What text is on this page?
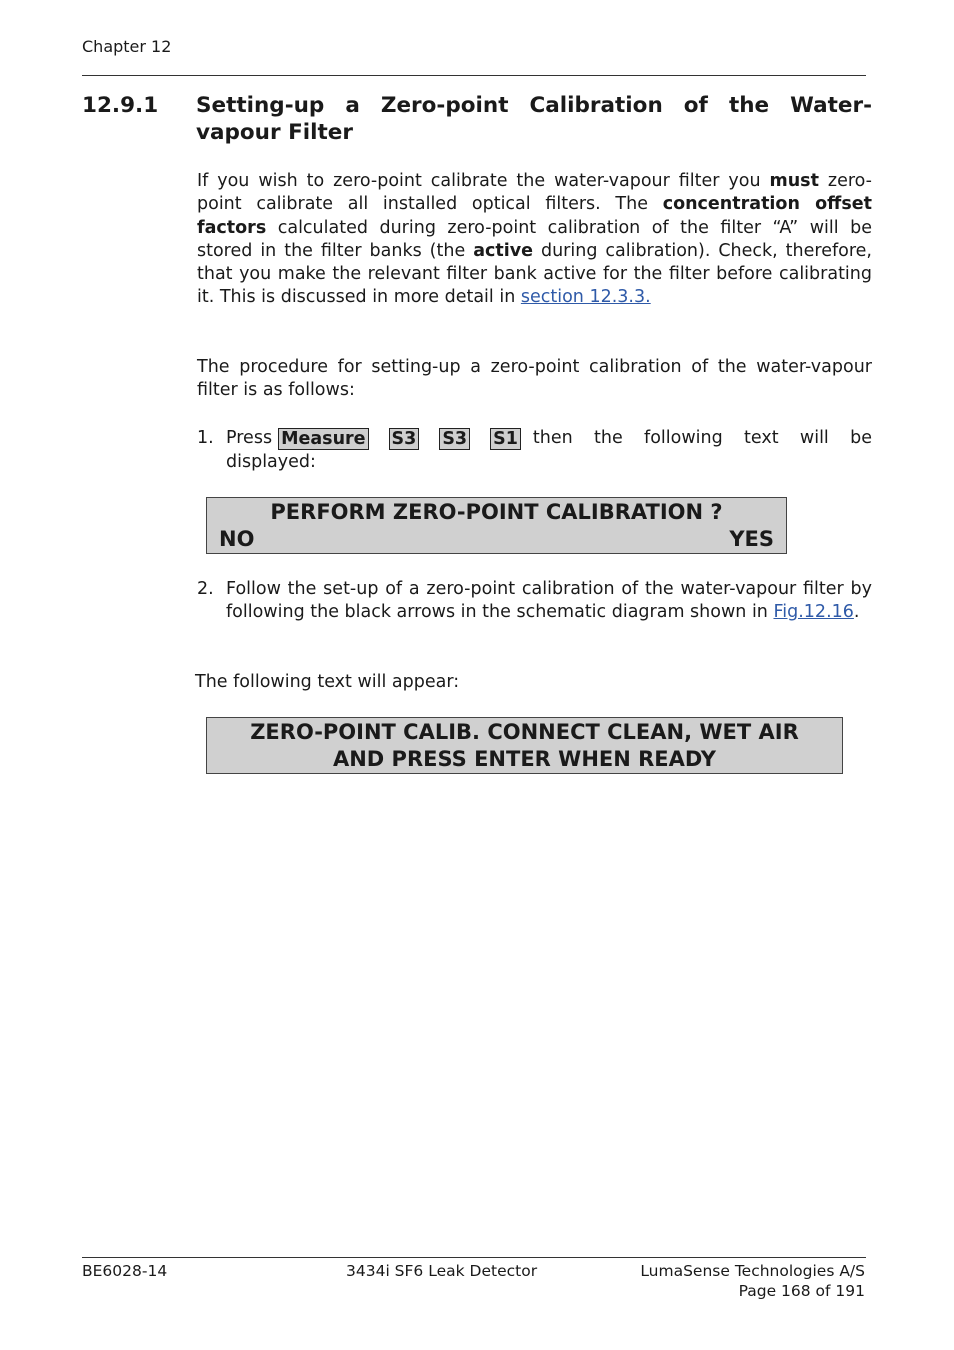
Chapter 12
12.9.1 Setting-up a Zero-point Calibration of the Water-vapour Filter

If you wish to zero-point calibrate the water-vapour filter you must zero-point calibrate all installed optical filters. The concentration offset factors calculated during zero-point calibration of the filter “A” will be stored in the filter banks (the active during calibration). Check, therefore, that you make the relevant filter bank active for the filter before calibrating it. This is discussed in more detail in section 12.3.3.

The procedure for setting-up a zero-point calibration of the water-vapour filter is as follows:

1. Press Measure S3 S3 S1 then the following text will be
displayed:
PERFORM ZERO-POINT CALIBRATION ?
NO	YES
2. Follow the set-up of a zero-point calibration of the water-vapour filter by following the black arrows in the schematic diagram shown in Fig.12.16.
The following text will appear:
ZERO-POINT CALIB. CONNECT CLEAN, WET AIR
AND PRESS ENTER WHEN READY
BE6028-14	3434i SF6 Leak Detector	LumaSense Technologies A/S
Page 168 of 191
